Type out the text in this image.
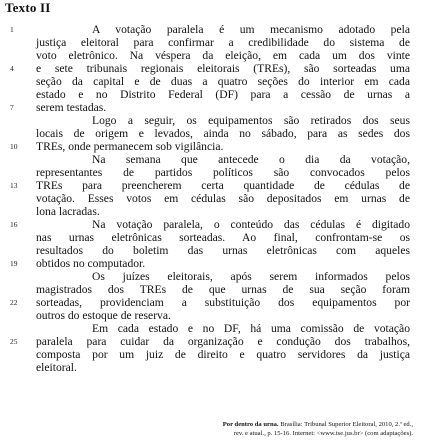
Texto II
A votação paralela é um mecanismo adotado pela
justiça eleitoral para confirmar a credibilidade do sistema de
voto eletrônico. Na véspera da eleição, em cada um dos vinte
e sete tribunais regionais eleitorais (TREs), são sorteadas uma
seção da capital e de duas a quatro seções do interior em cada
estado e no Distrito Federal (DF) para a cessão de urnas a
serem testadas.
Logo a seguir, os equipamentos são retirados dos seus
locais de origem e levados, ainda no sábado, para as sedes dos
TREs, onde permanecem sob vigilância.
Na semana que antecede o dia da votação,
representantes de partidos políticos são convocados pelos
TREs para preencherem certa quantidade de cédulas de
votação. Esses votos em cédulas são depositados em urnas de
lona lacradas.
Na votação paralela, o conteúdo das cédulas é digitado
nas urnas eletrônicas sorteadas. Ao final, confrontam-se os
resultados do boletim das urnas eletrônicas com aqueles
obtidos no computador.
Os juízes eleitorais, após serem informados pelos
magistrados dos TREs de que urnas de sua seção foram
sorteadas, providenciam a substituição dos equipamentos por
outros do estoque de reserva.
Em cada estado e no DF, há uma comissão de votação
paralela para cuidar da organização e condução dos trabalhos,
composta por um juiz de direito e quatro servidores da justiça
eleitoral.
1
4
7
10
13
16
19
22
25
Por dentro da urna. Brasília: Tribunal Superior Eleitoral, 2010, 2.ª ed.,
rev. e atual., p. 15-16. Internet: <www.tse.jus.br> (com adaptações).
